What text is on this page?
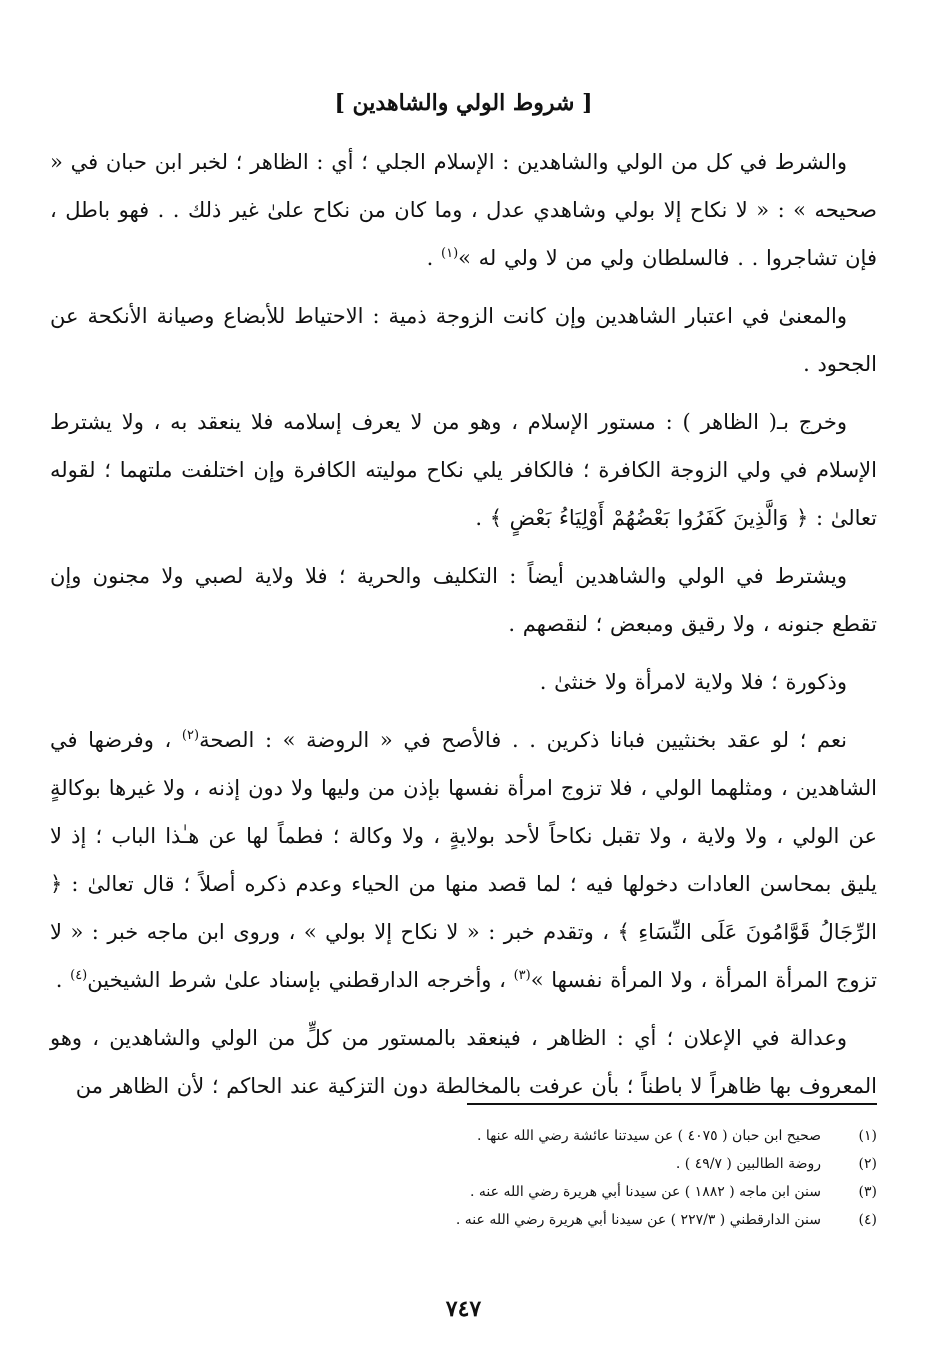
[ شروط الولي والشاهدين ]

والشرط في كل من الولي والشاهدين : الإسلام الجلي ؛ أي : الظاهر ؛ لخبر ابن حبان في « صحيحه » : « لا نكاح إلا بولي وشاهدي عدل ، وما كان من نكاح علىٰ غير ذلك . . فهو باطل ، فإن تشاجروا . . فالسلطان ولي من لا ولي له »$^{(١)}$ .

والمعنىٰ في اعتبار الشاهدين وإن كانت الزوجة ذمية : الاحتياط للأبضاع وصيانة الأنكحة عن الجحود .

وخرج بـ( الظاهر ) : مستور الإسلام ، وهو من لا يعرف إسلامه فلا ينعقد به ، ولا يشترط الإسلام في ولي الزوجة الكافرة ؛ فالكافر يلي نكاح موليته الكافرة وإن اختلفت ملتهما ؛ لقوله تعالىٰ : ﴿ وَالَّذِينَ كَفَرُوا بَعْضُهُمْ أَوْلِيَاءُ بَعْضٍ ﴾ .

ويشترط في الولي والشاهدين أيضاً : التكليف والحرية ؛ فلا ولاية لصبي ولا مجنون وإن تقطع جنونه ، ولا رقيق ومبعض ؛ لنقصهم .

وذكورة ؛ فلا ولاية لامرأة ولا خنثىٰ .

نعم ؛ لو عقد بخنثيين فبانا ذكرين . . فالأصح في « الروضة » : الصحة$^{(٢)}$ ، وفرضها في الشاهدين ، ومثلهما الولي ، فلا تزوج امرأة نفسها بإذن من وليها ولا دون إذنه ، ولا غيرها بوكالةٍ عن الولي ، ولا ولاية ، ولا تقبل نكاحاً لأحد بولايةٍ ، ولا وكالة ؛ فطماً لها عن هـٰذا الباب ؛ إذ لا يليق بمحاسن العادات دخولها فيه ؛ لما قصد منها من الحياء وعدم ذكره أصلاً ؛ قال تعالىٰ : ﴿ الرِّجَالُ قَوَّامُونَ عَلَى النِّسَاءِ ﴾ ، وتقدم خبر : « لا نكاح إلا بولي » ، وروى ابن ماجه خبر : « لا تزوج المرأة المرأة ، ولا المرأة نفسها »$^{(٣)}$ ، وأخرجه الدارقطني بإسناد علىٰ شرط الشيخين$^{(٤)}$ .

وعدالة في الإعلان ؛ أي : الظاهر ، فينعقد بالمستور من كلٍّ من الولي والشاهدين ، وهو المعروف بها ظاهراً لا باطناً ؛ بأن عرفت بالمخالطة دون التزكية عند الحاكم ؛ لأن الظاهر من

(١)
صحيح ابن حبان ( ٤٠٧٥ ) عن سيدتنا عائشة رضي الله عنها .
(٢)
روضة الطالبين ( ٤٩/٧ ) .
(٣)
سنن ابن ماجه ( ١٨٨٢ ) عن سيدنا أبي هريرة رضي الله عنه .
(٤)
سنن الدارقطني ( ٢٢٧/٣ ) عن سيدنا أبي هريرة رضي الله عنه .
٧٤٧
